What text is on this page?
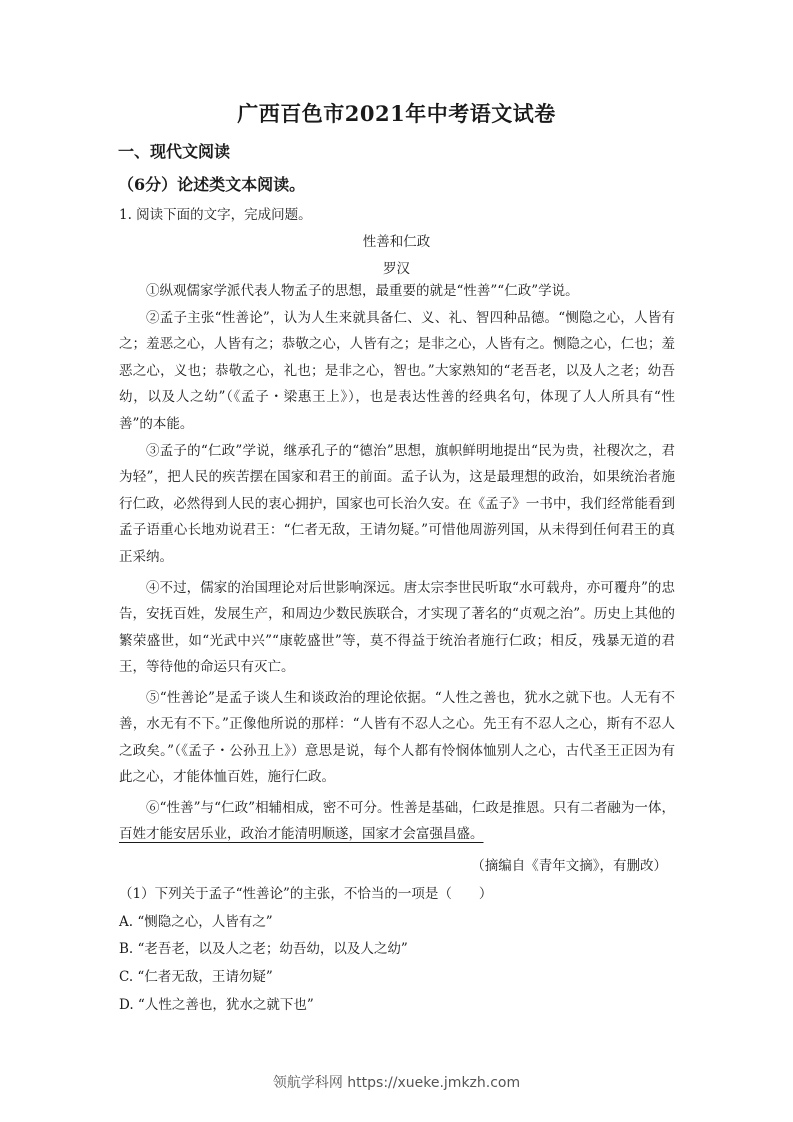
广西百色市2021年中考语文试卷
一、现代文阅读
（6分）论述类文本阅读。
1. 阅读下面的文字，完成问题。
性善和仁政
罗汉

①纵观儒家学派代表人物孟子的思想，最重要的就是“性善”“仁政”学说。

②孟子主张“性善论”，认为人生来就具备仁、义、礼、智四种品德。“恻隐之心，人皆有之；羞恶之心，人皆有之；恭敬之心，人皆有之；是非之心，人皆有之。恻隐之心，仁也；羞恶之心，义也；恭敬之心，礼也；是非之心，智也。”大家熟知的“老吾老，以及人之老；幼吾幼，以及人之幼”（《孟子・梁惠王上》），也是表达性善的经典名句，体现了人人所具有“性善”的本能。

③孟子的“仁政”学说，继承孔子的“德治”思想，旗帜鲜明地提出“民为贵，社稷次之，君为轻”，把人民的疾苦摆在国家和君王的前面。孟子认为，这是最理想的政治，如果统治者施行仁政，必然得到人民的衷心拥护，国家也可长治久安。在《孟子》一书中，我们经常能看到孟子语重心长地劝说君王：“仁者无敌，王请勿疑。”可惜他周游列国，从未得到任何君王的真正采纳。

④不过，儒家的治国理论对后世影响深远。唐太宗李世民听取“水可载舟，亦可覆舟”的忠告，安抚百姓，发展生产，和周边少数民族联合，才实现了著名的“贞观之治”。历史上其他的繁荣盛世，如“光武中兴”“康乾盛世”等，莫不得益于统治者施行仁政；相反，残暴无道的君王，等待他的命运只有灭亡。

⑤“性善论”是孟子谈人生和谈政治的理论依据。“人性之善也，犹水之就下也。人无有不善，水无有不下。”正像他所说的那样：“人皆有不忍人之心。先王有不忍人之心，斯有不忍人之政矣。”（《孟子・公孙丑上》）意思是说，每个人都有怜悯体恤别人之心，古代圣王正因为有此之心，才能体恤百姓，施行仁政。

⑥“性善”与“仁政”相辅相成，密不可分。性善是基础，仁政是推恩。只有二者融为一体，百姓才能安居乐业，政治才能清明顺遂，国家才会富强昌盛。

（摘编自《青年文摘》，有删改）
（1）下列关于孟子“性善论”的主张，不恰当的一项是（　　）
A. “恻隐之心，人皆有之”
B. “老吾老，以及人之老；幼吾幼，以及人之幼”
C. “仁者无敌，王请勿疑”
D. “人性之善也，犹水之就下也”
领航学科网 https://xueke.jmkzh.com
